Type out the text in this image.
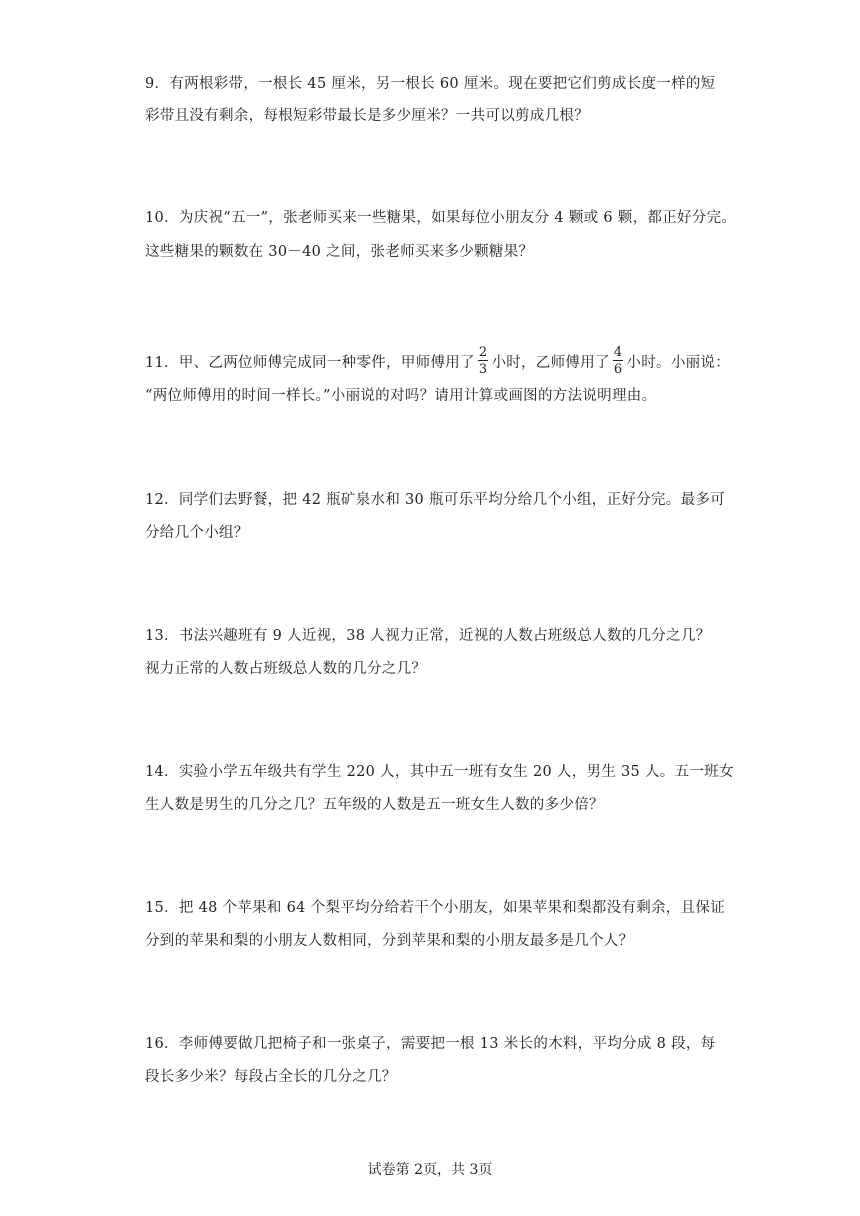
9．有两根彩带，一根长 45 厘米，另一根长 60 厘米。现在要把它们剪成长度一样的短
彩带且没有剩余，每根短彩带最长是多少厘米？一共可以剪成几根？
10．为庆祝“五一”，张老师买来一些糖果，如果每位小朋友分 4 颗或 6 颗，都正好分完。
这些糖果的颗数在 30－40 之间，张老师买来多少颗糖果？
11．甲、乙两位师傅完成同一种零件，甲师傅用了 $\frac{2}{3}$ 小时，乙师傅用了 $\frac{4}{6}$ 小时。小丽说：
“两位师傅用的时间一样长。”小丽说的对吗？请用计算或画图的方法说明理由。
12．同学们去野餐，把 42 瓶矿泉水和 30 瓶可乐平均分给几个小组，正好分完。最多可
分给几个小组？
13．书法兴趣班有 9 人近视，38 人视力正常，近视的人数占班级总人数的几分之几？
视力正常的人数占班级总人数的几分之几？
14．实验小学五年级共有学生 220 人，其中五一班有女生 20 人，男生 35 人。五一班女
生人数是男生的几分之几？五年级的人数是五一班女生人数的多少倍？
15．把 48 个苹果和 64 个梨平均分给若干个小朋友，如果苹果和梨都没有剩余，且保证
分到的苹果和梨的小朋友人数相同，分到苹果和梨的小朋友最多是几个人？
16．李师傅要做几把椅子和一张桌子，需要把一根 13 米长的木料，平均分成 8 段，每
段长多少米？每段占全长的几分之几？
试卷第 2页，共 3页
